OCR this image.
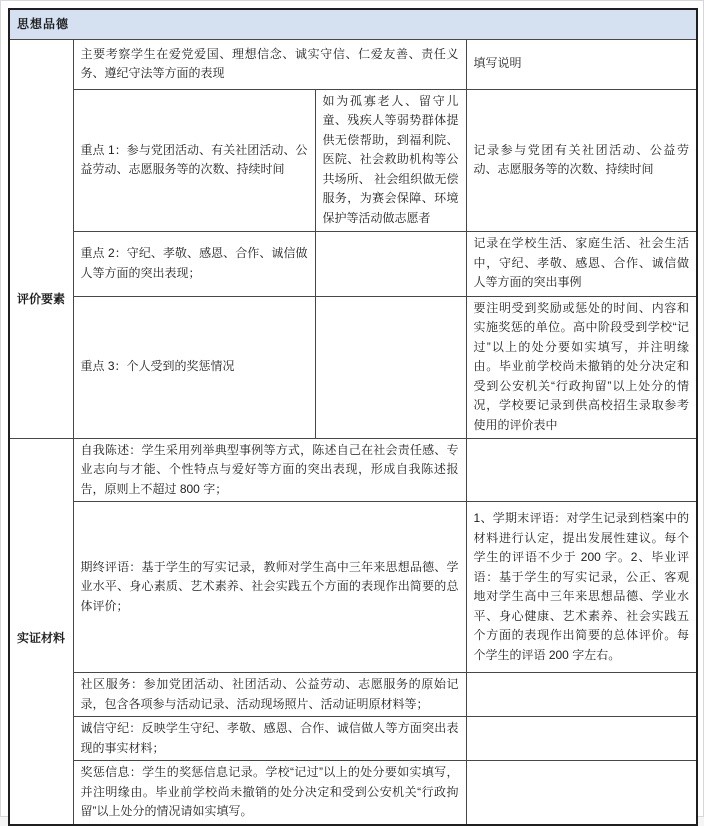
思想品德			
评价要素	主要考察学生在爱党爱国、理想信念、诚实守信、仁爱友善、责任义务、遵纪守法等方面的表现		填写说明
	重点 1：参与党团活动、有关社团活动、公益劳动、志愿服务等的次数、持续时间	如为孤寡老人、留守儿童、残疾人等弱势群体提供无偿帮助，到福利院、医院、社会救助机构等公共场所、 社会组织做无偿服务，为赛会保障、环境保护等活动做志愿者	记录参与党团有关社团活动、公益劳动、志愿服务等的次数、持续时间
	重点 2：守纪、孝敬、感恩、合作、诚信做人等方面的突出表现；		记录在学校生活、家庭生活、社会生活中，守纪、孝敬、感恩、合作、诚信做人等方面的突出事例
	重点 3：个人受到的奖惩情况		要注明受到奖励或惩处的时间、内容和实施奖惩的单位。高中阶段受到学校“记过”以上的处分要如实填写，并注明缘由。毕业前学校尚未撤销的处分决定和受到公安机关“行政拘留”以上处分的情况，学校要记录到供高校招生录取参考使用的评价表中
实证材料	自我陈述：学生采用列举典型事例等方式，陈述自己在社会责任感、专业志向与才能、个性特点与爱好等方面的突出表现，形成自我陈述报告，原则上不超过 800 字；		
	期终评语：基于学生的写实记录，教师对学生高中三年来思想品德、学业水平、身心素质、艺术素养、社会实践五个方面的表现作出简要的总体评价；		1、学期末评语：对学生记录到档案中的材料进行认定，提出发展性建议。每个学生的评语不少于 200 字。2、毕业评语：基于学生的写实记录，公正、客观地对学生高中三年来思想品德、学业水平、身心健康、艺术素养、社会实践五个方面的表现作出简要的总体评价。每个学生的评语 200 字左右。
	社区服务：参加党团活动、社团活动、公益劳动、志愿服务的原始记录，包含各项参与活动记录、活动现场照片、活动证明原材料等；		
	诚信守纪：反映学生守纪、孝敬、感恩、合作、诚信做人等方面突出表现的事实材料；		
	奖惩信息：学生的奖惩信息记录。学校“记过”以上的处分要如实填写，并注明缘由。毕业前学校尚未撤销的处分决定和受到公安机关“行政拘留”以上处分的情况请如实填写。		
